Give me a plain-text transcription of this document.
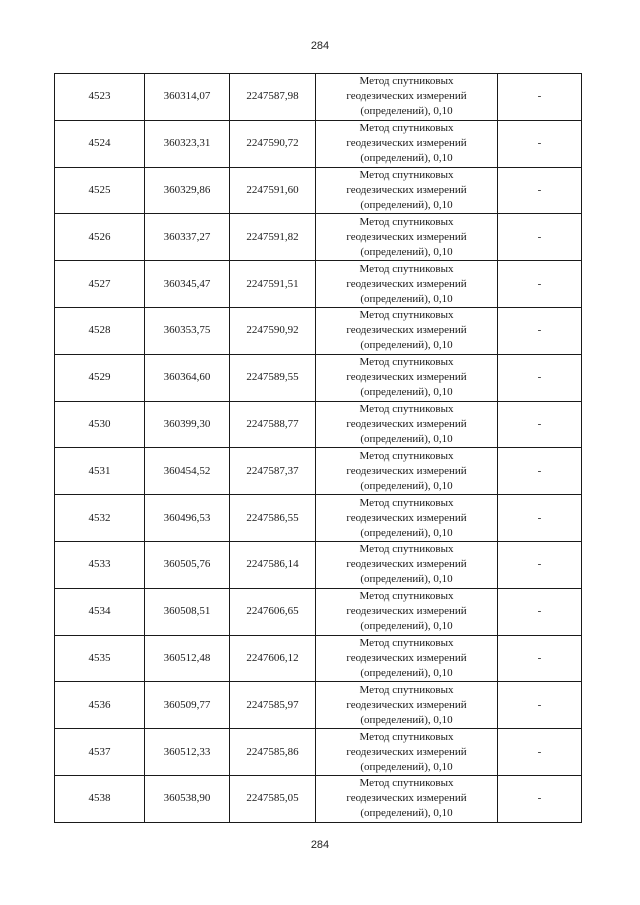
284
4523	360314,07	2247587,98	Метод спутниковых геодезических измерений (определений), 0,10	-
4524	360323,31	2247590,72	Метод спутниковых геодезических измерений (определений), 0,10	-
4525	360329,86	2247591,60	Метод спутниковых геодезических измерений (определений), 0,10	-
4526	360337,27	2247591,82	Метод спутниковых геодезических измерений (определений), 0,10	-
4527	360345,47	2247591,51	Метод спутниковых геодезических измерений (определений), 0,10	-
4528	360353,75	2247590,92	Метод спутниковых геодезических измерений (определений), 0,10	-
4529	360364,60	2247589,55	Метод спутниковых геодезических измерений (определений), 0,10	-
4530	360399,30	2247588,77	Метод спутниковых геодезических измерений (определений), 0,10	-
4531	360454,52	2247587,37	Метод спутниковых геодезических измерений (определений), 0,10	-
4532	360496,53	2247586,55	Метод спутниковых геодезических измерений (определений), 0,10	-
4533	360505,76	2247586,14	Метод спутниковых геодезических измерений (определений), 0,10	-
4534	360508,51	2247606,65	Метод спутниковых геодезических измерений (определений), 0,10	-
4535	360512,48	2247606,12	Метод спутниковых геодезических измерений (определений), 0,10	-
4536	360509,77	2247585,97	Метод спутниковых геодезических измерений (определений), 0,10	-
4537	360512,33	2247585,86	Метод спутниковых геодезических измерений (определений), 0,10	-
4538	360538,90	2247585,05	Метод спутниковых геодезических измерений (определений), 0,10	-
284
